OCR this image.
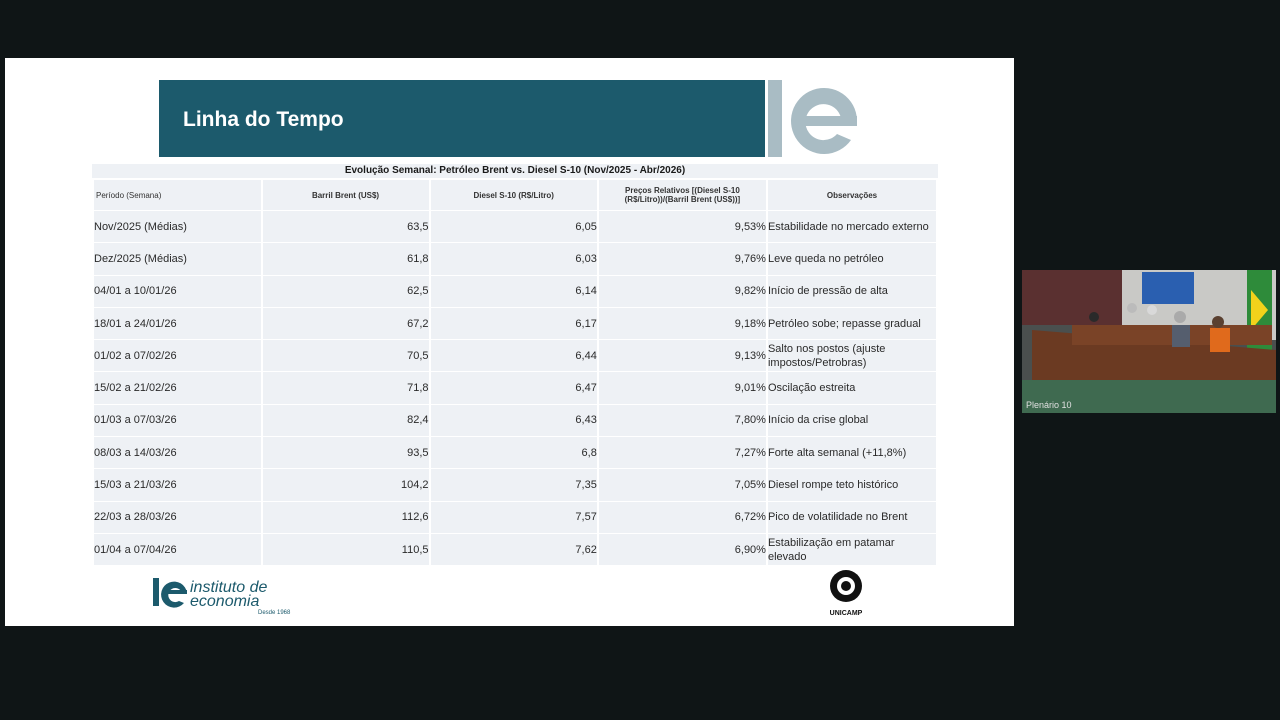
Linha do Tempo
Evolução Semanal: Petróleo Brent vs. Diesel S-10 (Nov/2025 - Abr/2026)
Período (Semana)	Barril Brent (US$)	Diesel S-10 (R$/Litro)	Preços Relativos [(Diesel S-10 (R$/Litro))/(Barril Brent (US$))]	Observações
Nov/2025 (Médias)	63,5	6,05	9,53%	Estabilidade no mercado externo
Dez/2025 (Médias)	61,8	6,03	9,76%	Leve queda no petróleo
04/01 a 10/01/26	62,5	6,14	9,82%	Início de pressão de alta
18/01 a 24/01/26	67,2	6,17	9,18%	Petróleo sobe; repasse gradual
01/02 a 07/02/26	70,5	6,44	9,13%	Salto nos postos (ajuste impostos/Petrobras)
15/02 a 21/02/26	71,8	6,47	9,01%	Oscilação estreita
01/03 a 07/03/26	82,4	6,43	7,80%	Início da crise global
08/03 a 14/03/26	93,5	6,8	7,27%	Forte alta semanal (+11,8%)
15/03 a 21/03/26	104,2	7,35	7,05%	Diesel rompe teto histórico
22/03 a 28/03/26	112,6	7,57	6,72%	Pico de volatilidade no Brent
01/04 a 07/04/26	110,5	7,62	6,90%	Estabilização em patamar elevado
instituto de
economia
Desde 1968	UNICAMP
Plenário 10
